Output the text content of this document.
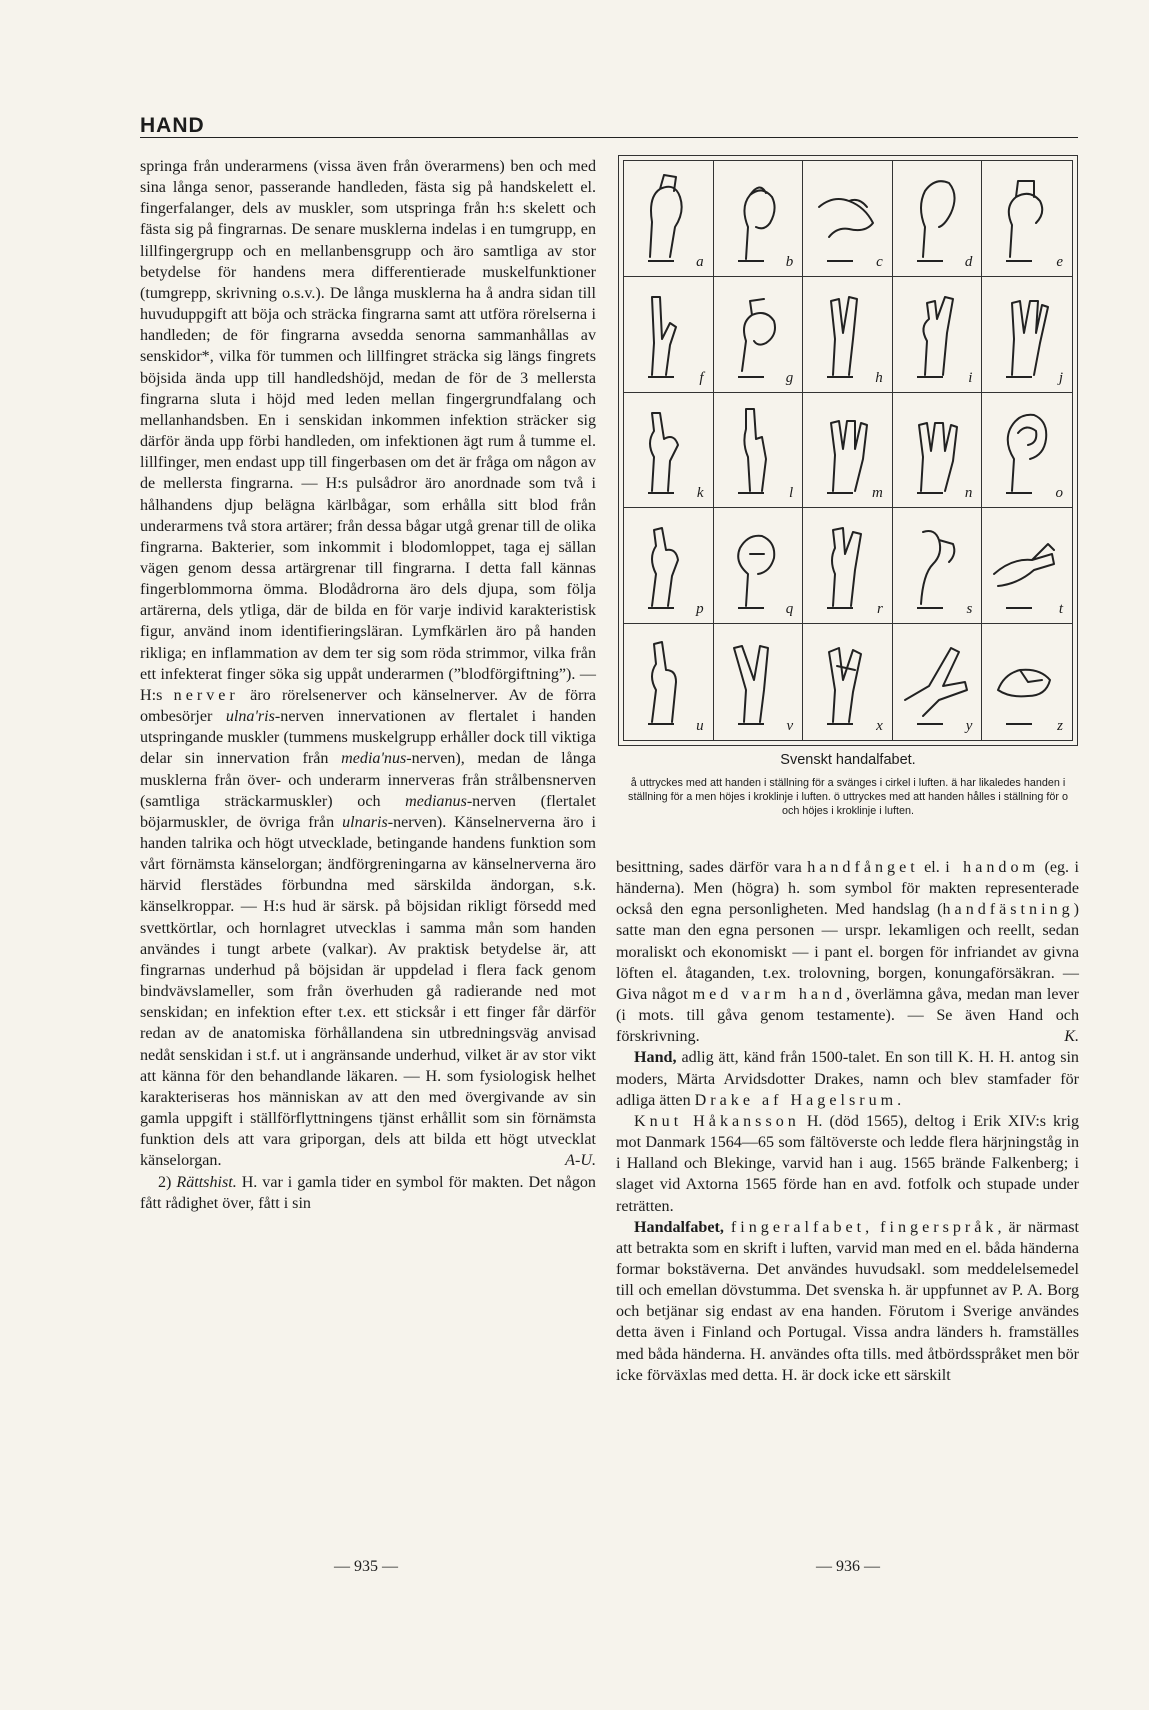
HAND

springa från underarmens (vissa även från överarmens) ben och med sina långa senor, passerande handleden, fästa sig på handskelett el. fingerfalanger, dels av muskler, som utspringa från h:s skelett och fästa sig på fingrarnas. De senare musklerna indelas i en tumgrupp, en lillfingergrupp och en mellanbensgrupp och äro samtliga av stor betydelse för handens mera differentierade muskelfunktioner (tumgrepp, skrivning o.s.v.). De långa musklerna ha å andra sidan till huvuduppgift att böja och sträcka fingrarna samt att utföra rörelserna i handleden; de för fingrarna avsedda senorna sammanhållas av senskidor*, vilka för tummen och lillfingret sträcka sig längs fingrets böjsida ända upp till handledshöjd, medan de för de 3 mellersta fingrarna sluta i höjd med leden mellan fingergrundfalang och mellanhandsben. En i senskidan inkommen infektion sträcker sig därför ända upp förbi handleden, om infektionen ägt rum å tumme el. lillfinger, men endast upp till fingerbasen om det är fråga om någon av de mellersta fingrarna. — H:s pulsådror äro anordnade som två i hålhandens djup belägna kärlbågar, som erhålla sitt blod från underarmens två stora artärer; från dessa bågar utgå grenar till de olika fingrarna. Bakterier, som inkommit i blodomloppet, taga ej sällan vägen genom dessa artärgrenar till fingrarna. I detta fall kännas fingerblommorna ömma. Blodådrorna äro dels djupa, som följa artärerna, dels ytliga, där de bilda en för varje individ karakteristisk figur, använd inom identifieringsläran. Lymfkärlen äro på handen rikliga; en inflammation av dem ter sig som röda strimmor, vilka från ett infekterat finger söka sig uppåt underarmen (”blodförgiftning”). — H:s nerver äro rörelsenerver och känselnerver. Av de förra ombesörjer ulna'ris-nerven innervationen av flertalet i handen utspringande muskler (tummens muskelgrupp erhåller dock till viktiga delar sin innervation från media'nus-nerven), medan de långa musklerna från över- och underarm innerveras från strålbensnerven (samtliga sträckarmuskler) och medianus-nerven (flertalet böjarmuskler, de övriga från ulnaris-nerven). Känselnerverna äro i handen talrika och högt utvecklade, betingande handens funktion som vårt förnämsta känselorgan; ändförgreningarna av känselnerverna äro härvid flerstädes förbundna med särskilda ändorgan, s.k. känselkroppar. — H:s hud är särsk. på böjsidan rikligt försedd med svettkörtlar, och hornlagret utvecklas i samma mån som handen användes i tungt arbete (valkar). Av praktisk betydelse är, att fingrarnas underhud på böjsidan är uppdelad i flera fack genom bindvävslameller, som från överhuden gå radierande ned mot senskidan; en infektion efter t.ex. ett sticksår i ett finger får därför redan av de anatomiska förhållandena sin utbredningsväg anvisad nedåt senskidan i st.f. ut i angränsande underhud, vilket är av stor vikt att känna för den behandlande läkaren. — H. som fysiologisk helhet karakteriseras hos människan av att den med övergivande av sin gamla uppgift i ställförflyttningens tjänst erhållit som sin förnämsta funktion dels att vara griporgan, dels att bilda ett högt utvecklat känselorgan.	A-U.

2) Rättshist. H. var i gamla tider en symbol för makten. Det någon fått rådighet över, fått i sin

a	b	c	d	e
f	g	h	i	j
k	l	m	n	o
p	q	r	s	t
u	v	x	y	z
Svenskt handalfabet.
å uttryckes med att handen i ställning för a svänges i cirkel i luften. ä har likaledes handen i ställning för a men höjes i kroklinje i luften. ö uttryckes med att handen hålles i ställning för o och höjes i kroklinje i luften.

besittning, sades därför vara handfånget el. i handom (eg. i händerna). Men (högra) h. som symbol för makten representerade också den egna personligheten. Med handslag (handfästning) satte man den egna personen — urspr. lekamligen och reellt, sedan moraliskt och ekonomiskt — i pant el. borgen för infriandet av givna löften el. åtaganden, t.ex. trolovning, borgen, konungaförsäkran. — Giva något med varm hand, överlämna gåva, medan man lever (i mots. till gåva genom testamente). — Se även Hand och förskrivning.	K.

Hand, adlig ätt, känd från 1500-talet. En son till K. H. H. antog sin moders, Märta Arvidsdotter Drakes, namn och blev stamfader för adliga ätten Drake af Hagelsrum.

Knut Håkansson H. (död 1565), deltog i Erik XIV:s krig mot Danmark 1564—65 som fältöverste och ledde flera härjningståg in i Halland och Blekinge, varvid han i aug. 1565 brände Falkenberg; i slaget vid Axtorna 1565 förde han en avd. fotfolk och stupade under reträtten.

Handalfabet, fingeralfabet, fingerspråk, är närmast att betrakta som en skrift i luften, varvid man med en el. båda händerna formar bokstäverna. Det användes huvudsakl. som meddelelsemedel till och emellan dövstumma. Det svenska h. är uppfunnet av P. A. Borg och betjänar sig endast av ena handen. Förutom i Sverige användes detta även i Finland och Portugal. Vissa andra länders h. framställes med båda händerna. H. användes ofta tills. med åtbördsspråket men bör icke förväxlas med detta. H. är dock icke ett särskilt

— 935 —	— 936 —
